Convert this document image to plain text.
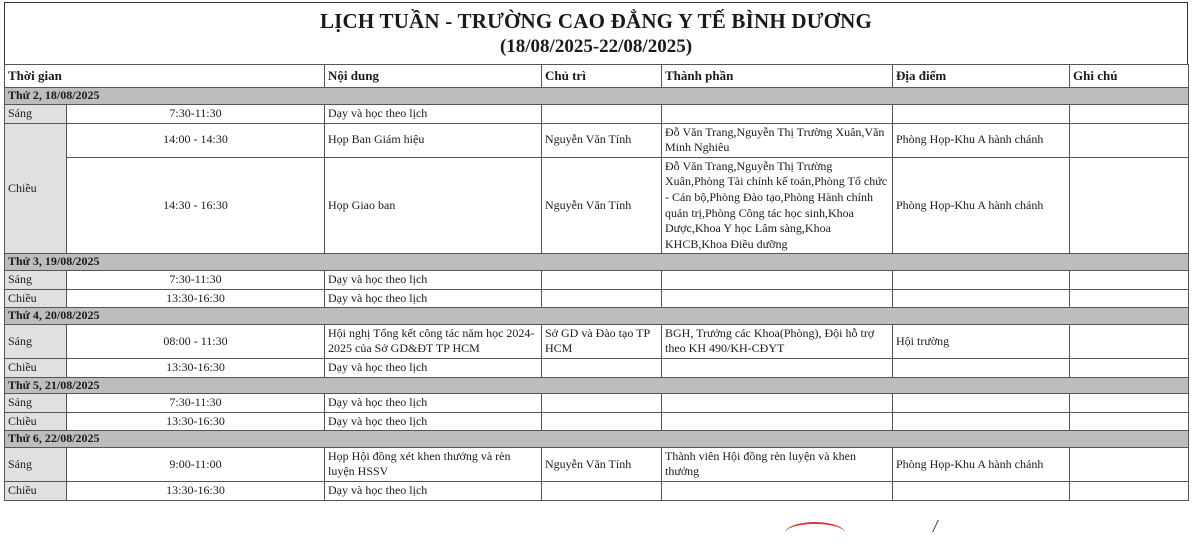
LỊCH TUẦN - TRƯỜNG CAO ĐẲNG Y TẾ BÌNH DƯƠNG
(18/08/2025-22/08/2025)
Thời gian		Nội dung	Chủ trì	Thành phần	Địa điểm	Ghi chú
Thứ 2, 18/08/2025						
Sáng	7:30-11:30	Dạy và học theo lịch				
Chiều	14:00 - 14:30	Họp Ban Giám hiệu	Nguyễn Văn Tính	Đỗ Văn Trang,Nguyễn Thị Trường Xuân,Văn Minh Nghiêu	Phòng Họp-Khu A hành chánh	
	14:30 - 16:30	Họp Giao ban	Nguyễn Văn Tính	Đỗ Văn Trang,Nguyễn Thị Trường Xuân,Phòng Tài chính kế toán,Phòng Tổ chức - Cán bộ,Phòng Đào tạo,Phòng Hành chính quản trị,Phòng Công tác học sinh,Khoa Dược,Khoa Y học Lâm sàng,Khoa KHCB,Khoa Điều dưỡng	Phòng Họp-Khu A hành chánh	
Thứ 3, 19/08/2025						
Sáng	7:30-11:30	Dạy và học theo lịch				
Chiều	13:30-16:30	Dạy và học theo lịch				
Thứ 4, 20/08/2025						
Sáng	08:00 - 11:30	Hội nghị Tổng kết công tác năm học 2024-2025 của Sở GD&ĐT TP HCM	Sở GD và Đào tạo TP HCM	BGH, Trưởng các Khoa(Phòng), Đội hỗ trợ theo KH 490/KH-CĐYT	Hội trường	
Chiều	13:30-16:30	Dạy và học theo lịch				
Thứ 5, 21/08/2025						
Sáng	7:30-11:30	Dạy và học theo lịch				
Chiều	13:30-16:30	Dạy và học theo lịch				
Thứ 6, 22/08/2025						
Sáng	9:00-11:00	Họp Hội đồng xét khen thưởng và rèn luyện HSSV	Nguyễn Văn Tính	Thành viên Hội đồng rèn luyện và khen thưởng	Phòng Họp-Khu A hành chánh	
Chiều	13:30-16:30	Dạy và học theo lịch				
